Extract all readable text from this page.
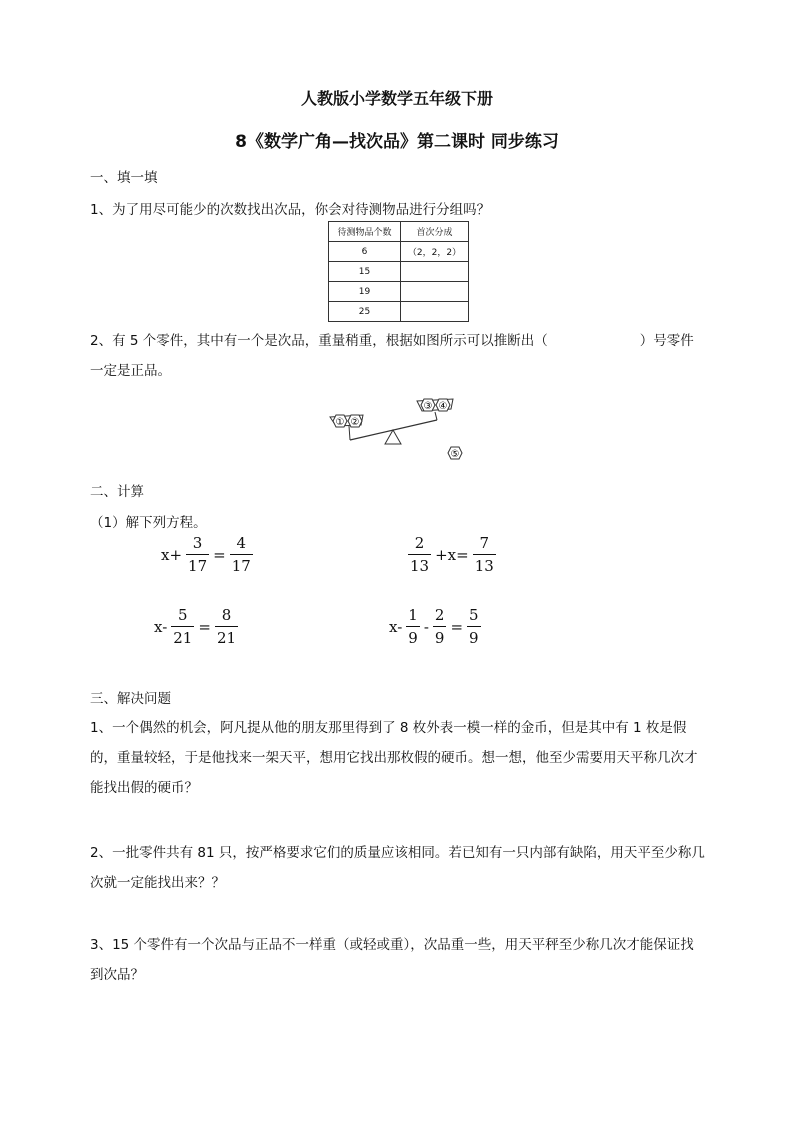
人教版小学数学五年级下册
8《数学广角—找次品》第二课时 同步练习
一、填一填
1、为了用尽可能少的次数找出次品，你会对待测物品进行分组吗？
待测物品个数	首次分成
6	（2，2，2）
15	
19	
25	
2、有 5 个零件，其中有一个是次品，重量稍重，根据如图所示可以推断出（	）号零件
一定是正品。
① ②
③ ④
⑤
二、计算
（1）解下列方程。
$x+ \frac{3}{17} = \frac{4}{17}$	$\frac{2}{13} +x= \frac{7}{13}$
$x- \frac{5}{21} = \frac{8}{21}$	$x- \frac{1}{9} - \frac{2}{9} = \frac{5}{9}$
三、解决问题
1、一个偶然的机会，阿凡提从他的朋友那里得到了 8 枚外表一模一样的金币，但是其中有 1 枚是假的，重量较轻，于是他找来一架天平，想用它找出那枚假的硬币。想一想，他至少需要用天平称几次才能找出假的硬币？
2、一批零件共有 81 只，按严格要求它们的质量应该相同。若已知有一只内部有缺陷，用天平至少称几次就一定能找出来？？
3、15 个零件有一个次品与正品不一样重（或轻或重），次品重一些，用天平秤至少称几次才能保证找到次品？
